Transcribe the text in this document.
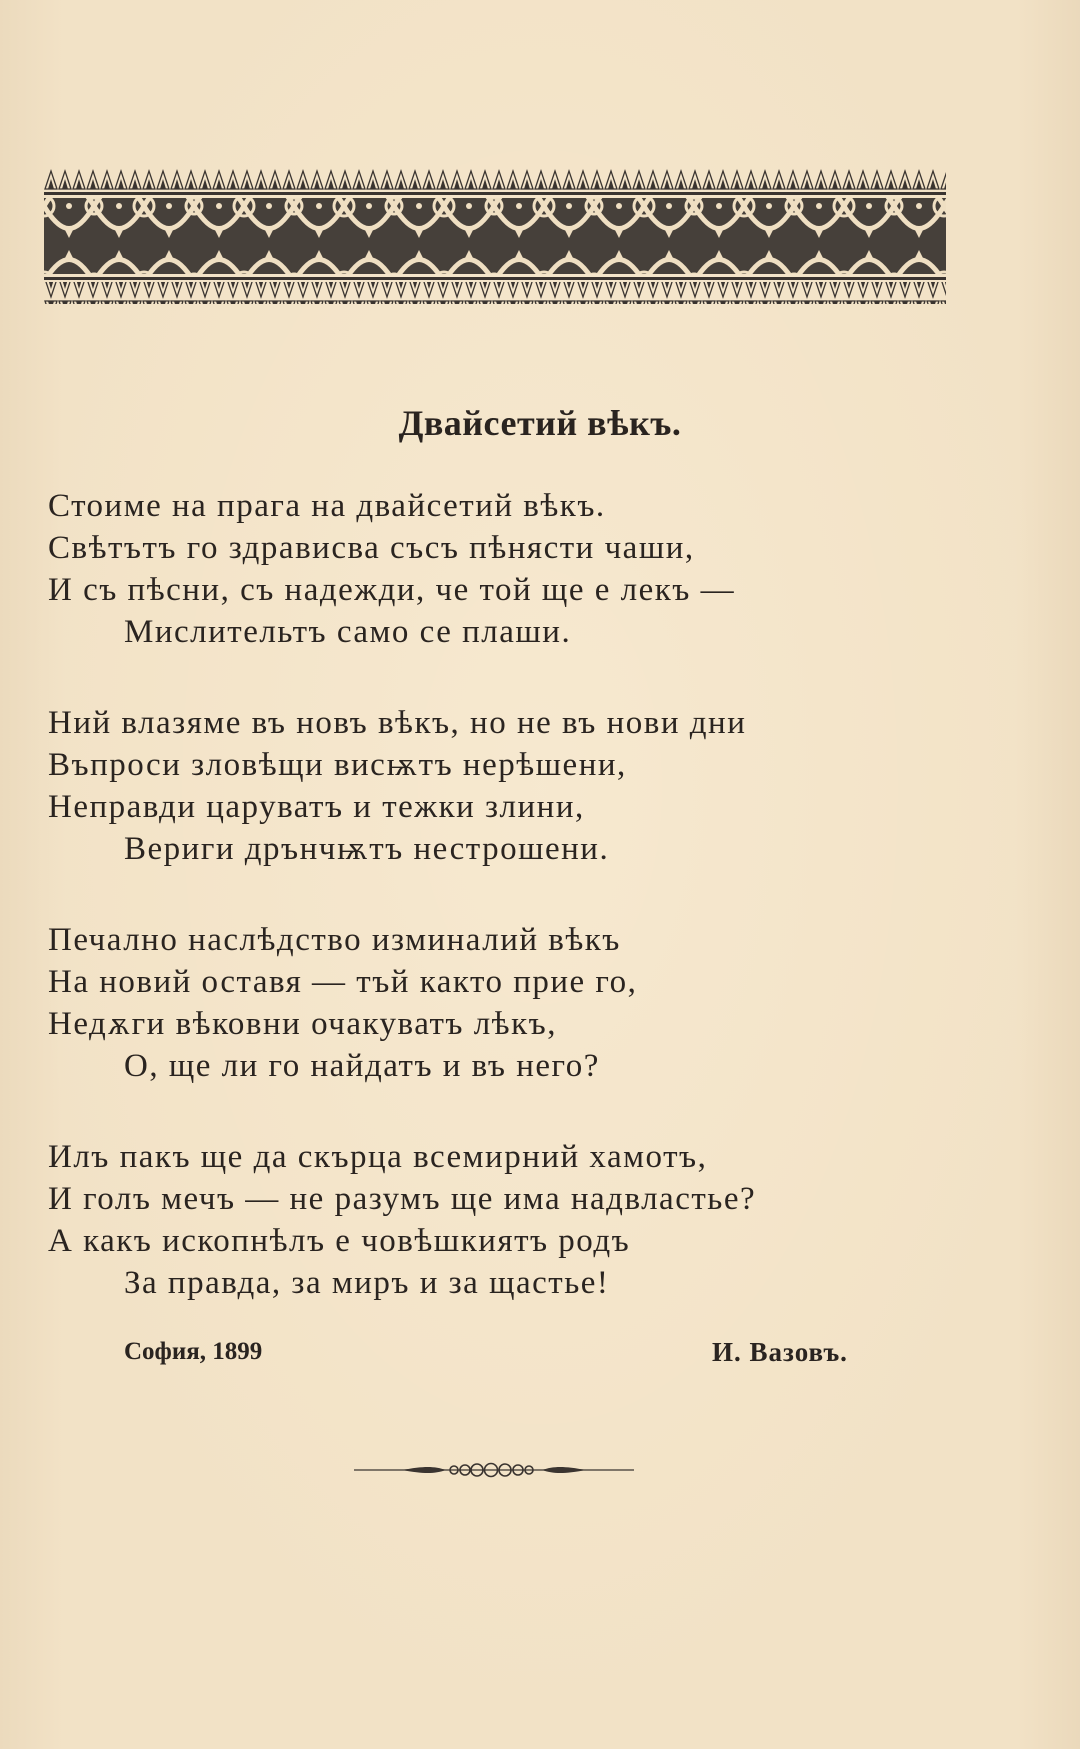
Двайсетий вѣкъ.
Стоиме на прага на двайсетий вѣкъ.
Свѣтътъ го здрависва съсъ пѣнясти чаши,
И съ пѣсни, съ надежди, че той ще е лекъ —
Мислительтъ само се плаши.
Ний влазяме въ новъ вѣкъ, но не въ нови дни
Въпроси зловѣщи висѭтъ нерѣшени,
Неправди царуватъ и тежки злини,
Вериги дрънчѭтъ нестрошени.
Печално наслѣдство изминалий вѣкъ
На новий оставя — тъй както прие го,
Недѫги вѣковни очакуватъ лѣкъ,
О, ще ли го найдатъ и въ него?
Илъ пакъ ще да скърца всемирний хамотъ,
И голъ мечъ — не разумъ ще има надвластье?
А какъ ископнѣлъ е човѣшкиятъ родъ
За правда, за миръ и за щастье!
София, 1899	И. Вазовъ.
